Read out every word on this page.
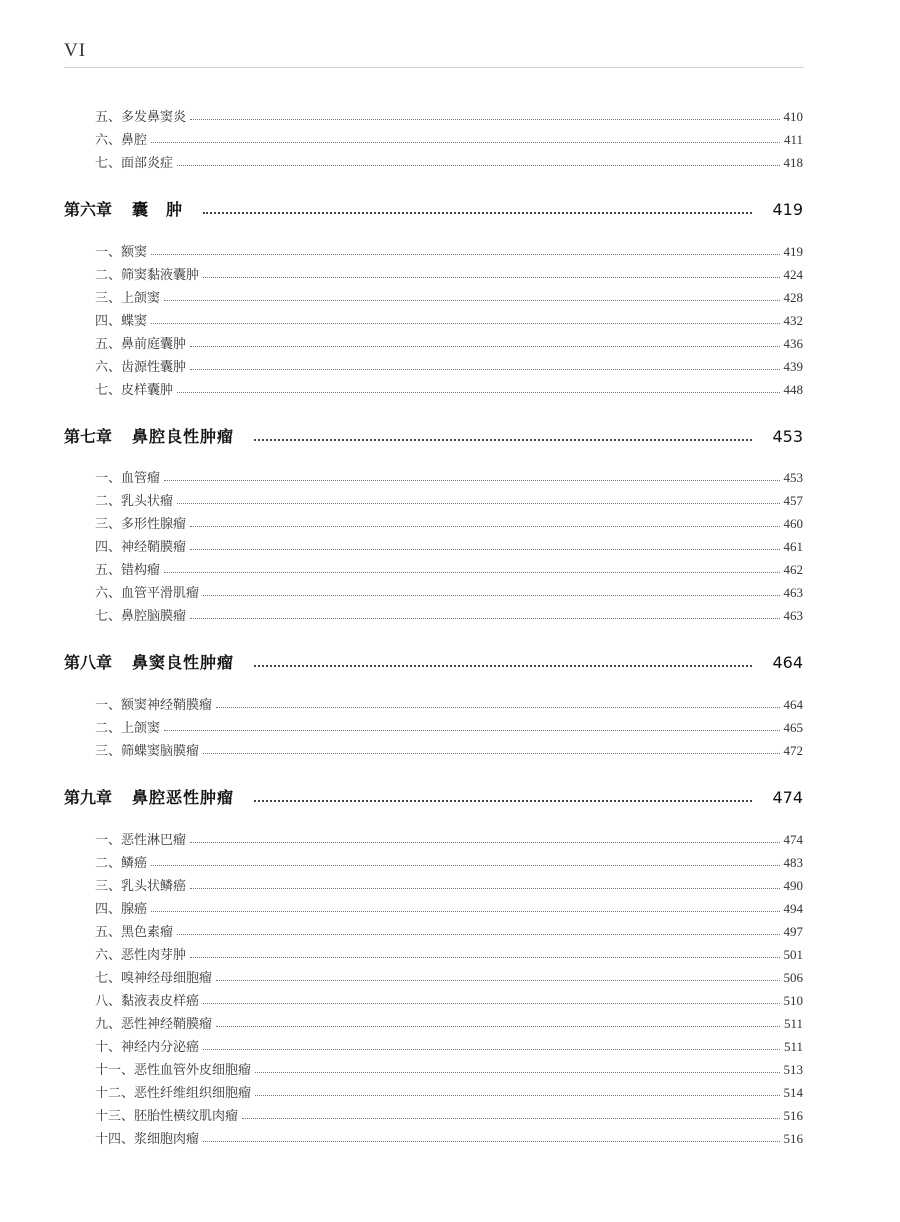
VI
五、多发鼻窦炎	410
六、鼻腔	411
七、面部炎症	418
第六章 囊　肿	419
一、额窦	419
二、筛窦黏液囊肿	424
三、上颌窦	428
四、蝶窦	432
五、鼻前庭囊肿	436
六、齿源性囊肿	439
七、皮样囊肿	448
第七章 鼻腔良性肿瘤	453
一、血管瘤	453
二、乳头状瘤	457
三、多形性腺瘤	460
四、神经鞘膜瘤	461
五、错构瘤	462
六、血管平滑肌瘤	463
七、鼻腔脑膜瘤	463
第八章 鼻窦良性肿瘤	464
一、额窦神经鞘膜瘤	464
二、上颌窦	465
三、筛蝶窦脑膜瘤	472
第九章 鼻腔恶性肿瘤	474
一、恶性淋巴瘤	474
二、鳞癌	483
三、乳头状鳞癌	490
四、腺癌	494
五、黑色素瘤	497
六、恶性肉芽肿	501
七、嗅神经母细胞瘤	506
八、黏液表皮样癌	510
九、恶性神经鞘膜瘤	511
十、神经内分泌癌	511
十一、恶性血管外皮细胞瘤	513
十二、恶性纤维组织细胞瘤	514
十三、胚胎性横纹肌肉瘤	516
十四、浆细胞肉瘤	516
